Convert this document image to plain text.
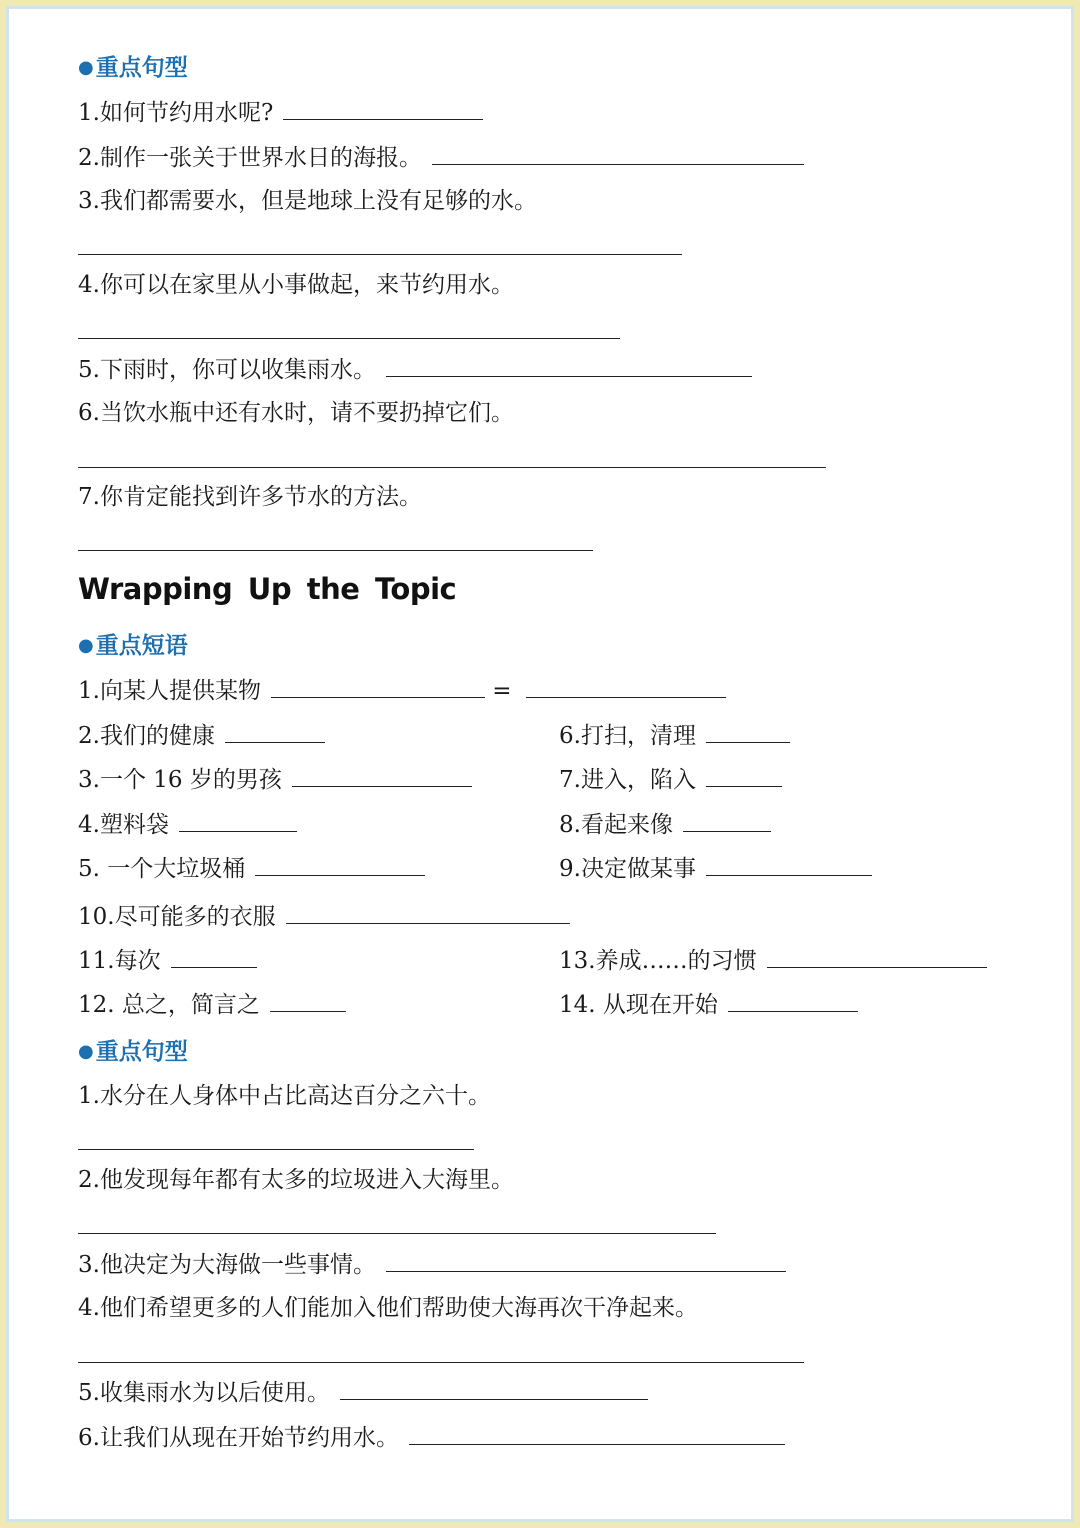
●重点句型
1.如何节约用水呢?
2.制作一张关于世界水日的海报。
3.我们都需要水，但是地球上没有足够的水。
4.你可以在家里从小事做起，来节约用水。
5.下雨时，你可以收集雨水。
6.当饮水瓶中还有水时，请不要扔掉它们。
7.你肯定能找到许多节水的方法。
Wrapping Up the Topic
●重点短语
1.向某人提供某物	=
2.我们的健康	6.打扫，清理
3.一个 16 岁的男孩	7.进入，陷入
4.塑料袋	8.看起来像
5. 一个大垃圾桶	9.决定做某事
10.尽可能多的衣服
11.每次	13.养成……的习惯
12. 总之，简言之	14. 从现在开始
●重点句型
1.水分在人身体中占比高达百分之六十。
2.他发现每年都有太多的垃圾进入大海里。
3.他决定为大海做一些事情。
4.他们希望更多的人们能加入他们帮助使大海再次干净起来。
5.收集雨水为以后使用。
6.让我们从现在开始节约用水。
